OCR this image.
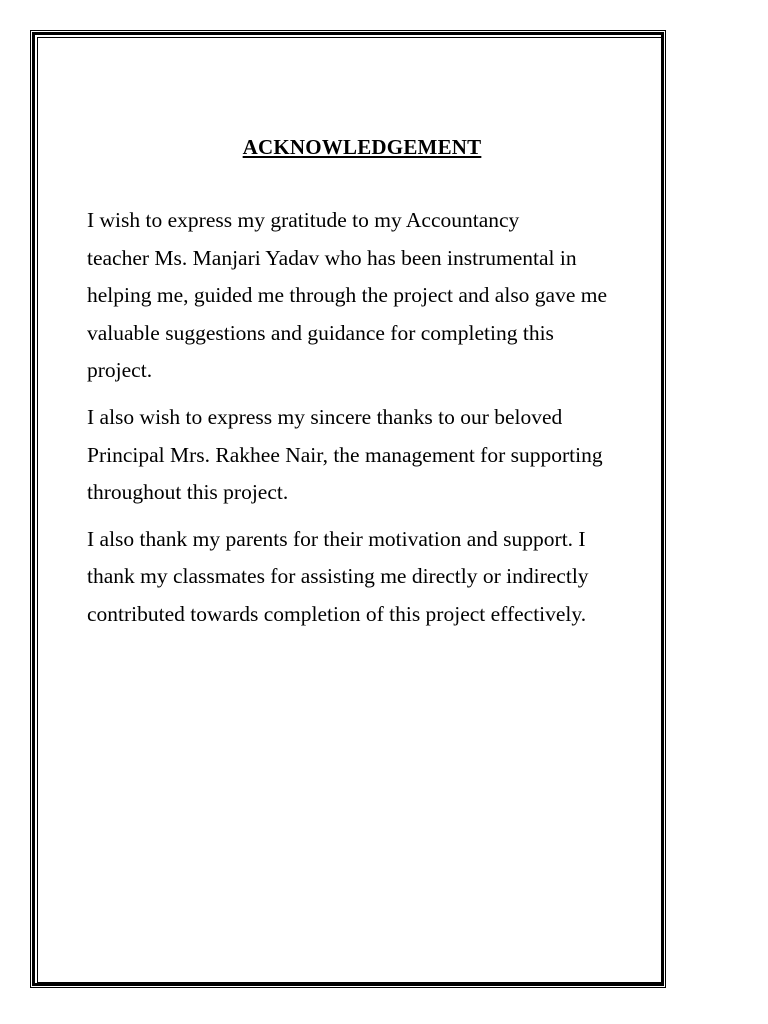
ACKNOWLEDGEMENT

I wish to express my gratitude to my Accountancy
teacher Ms. Manjari Yadav who has been instrumental in
helping me, guided me through the project and also gave me
valuable suggestions and guidance for completing this
project.

I also wish to express my sincere thanks to our beloved
Principal Mrs. Rakhee Nair, the management for supporting
throughout this project.

I also thank my parents for their motivation and support. I
thank my classmates for assisting me directly or indirectly
contributed towards completion of this project effectively.
